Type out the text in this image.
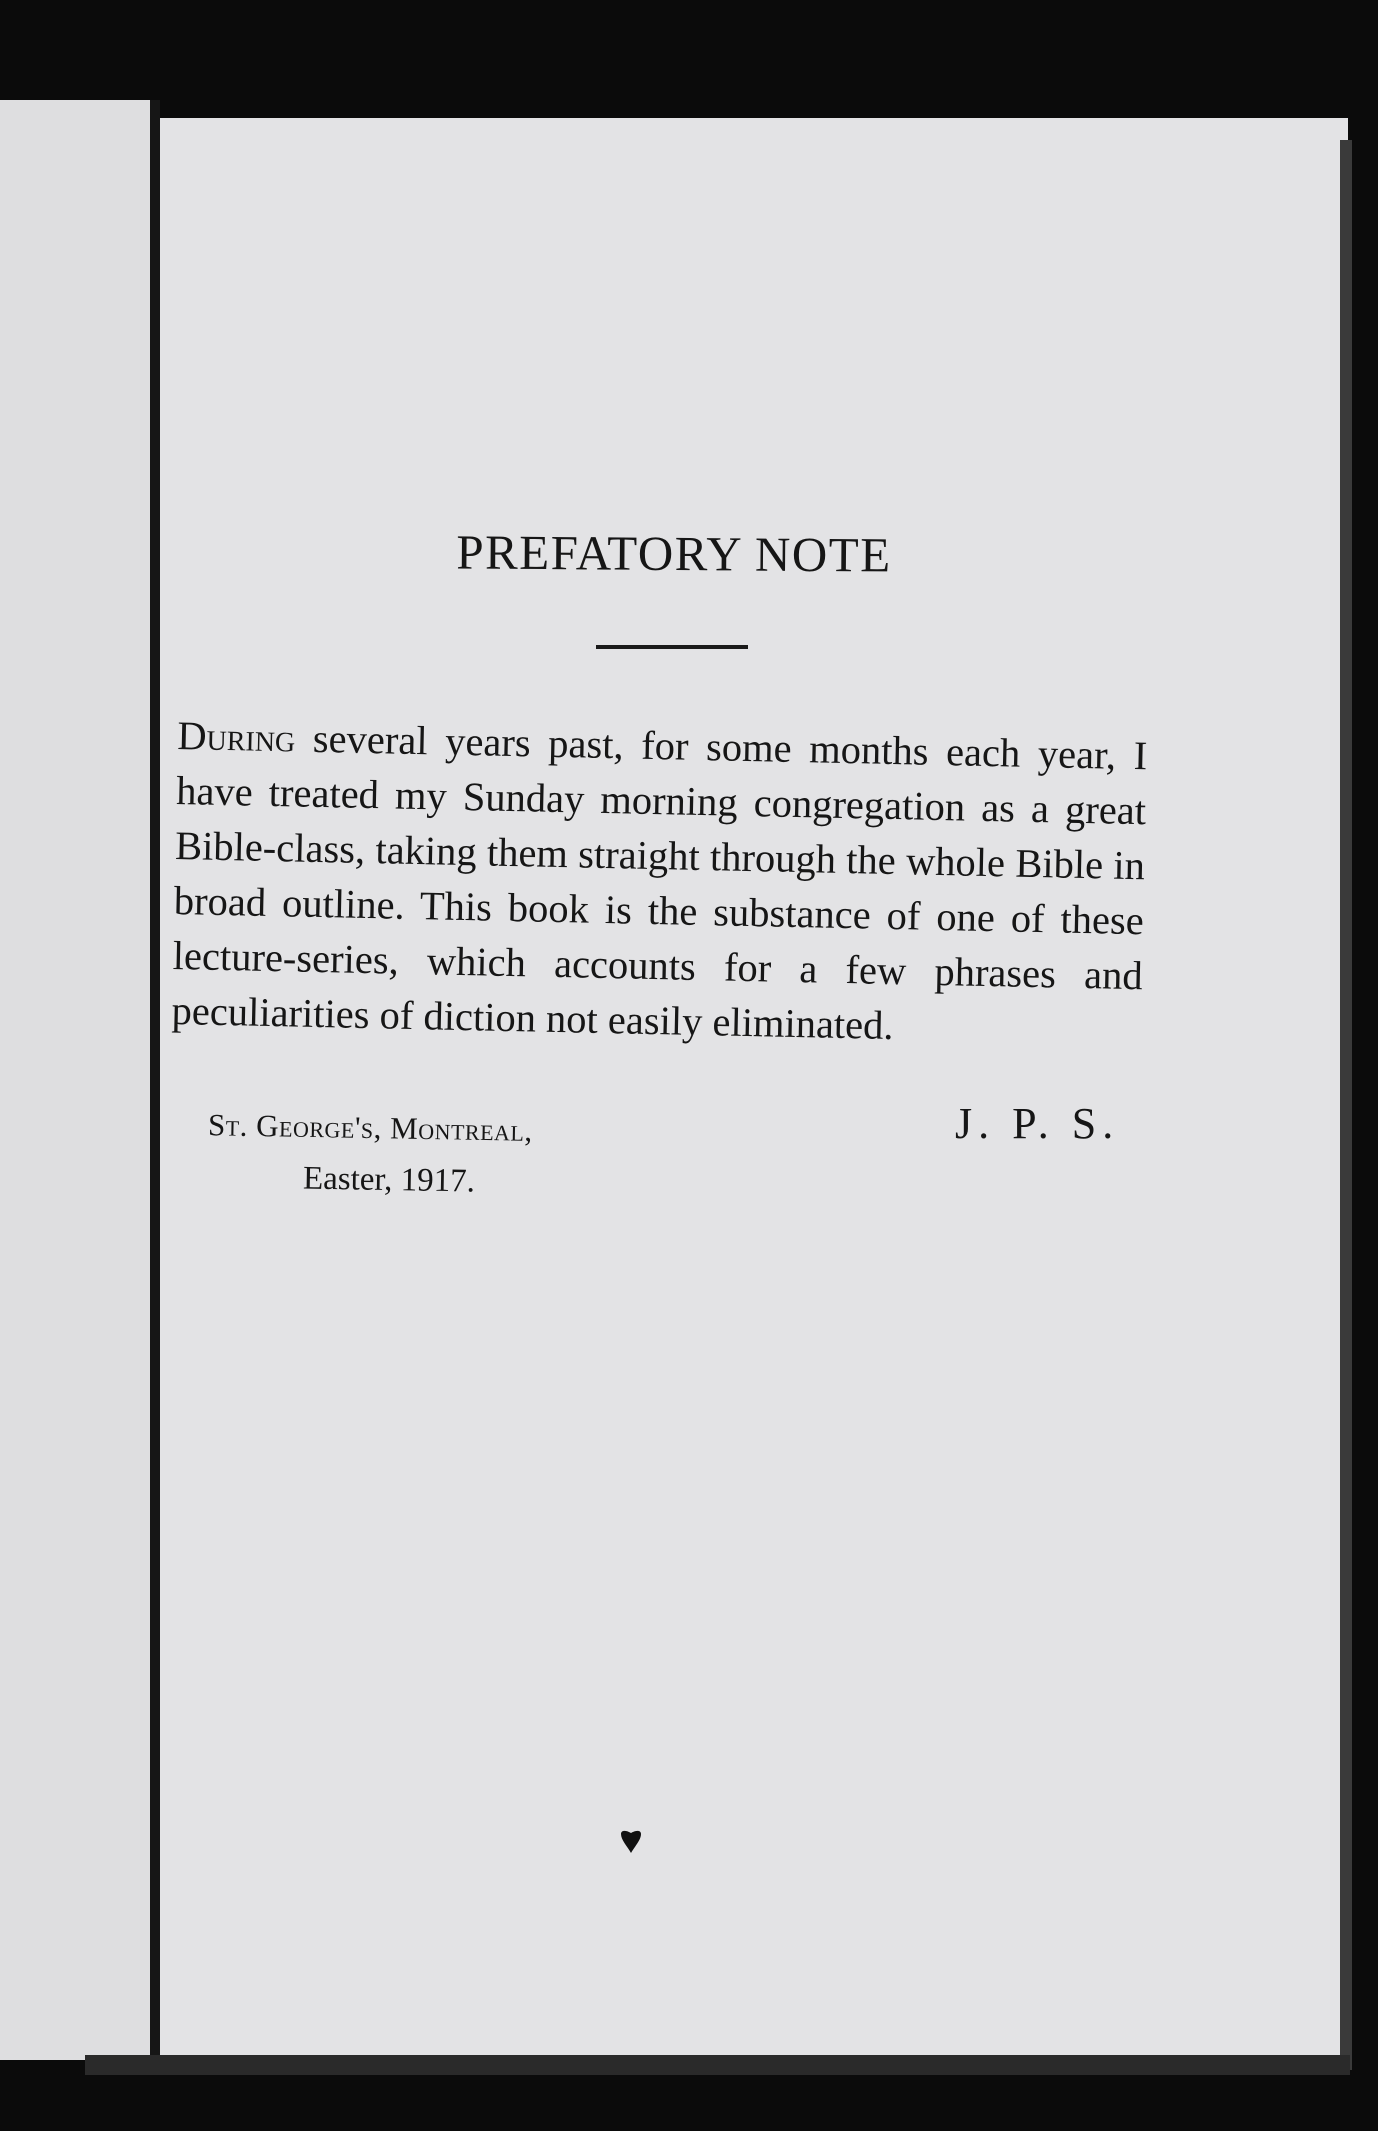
PREFATORY NOTE

During several years past, for some months each year, I have treated my Sunday morning congregation as a great Bible-class, taking them straight through the whole Bible in broad outline. This book is the substance of one of these lecture-series, which accounts for a few phrases and peculiarities of diction not easily eliminated.

St. George's, Montreal,

Easter, 1917.

J. P. S.
